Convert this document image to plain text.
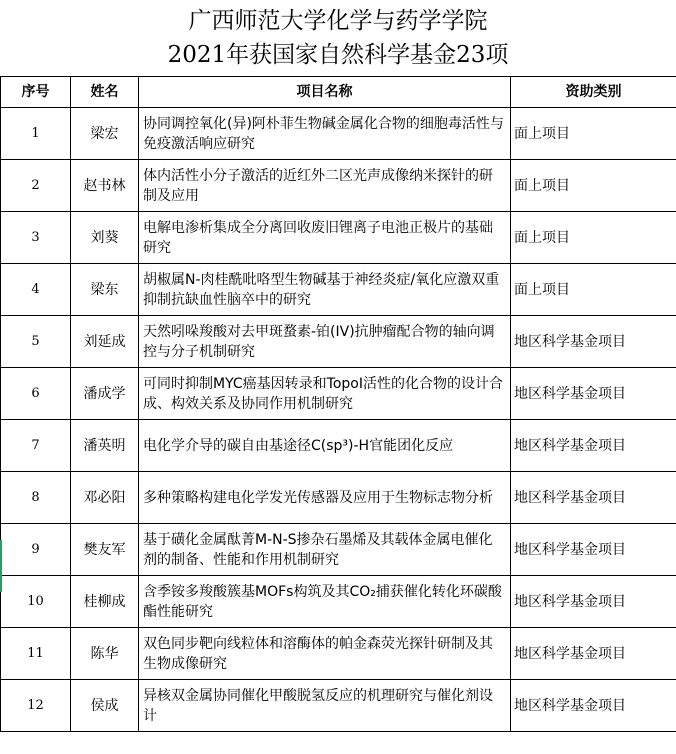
广西师范大学化学与药学学院
2021年获国家自然科学基金23项
序号	姓名	项目名称	资助类别
1	梁宏	协同调控氧化(异)阿朴菲生物碱金属化合物的细胞毒活性与免疫激活响应研究	面上项目
2	赵书林	体内活性小分子激活的近红外二区光声成像纳米探针的研制及应用	面上项目
3	刘葵	电解电渗析集成全分离回收废旧锂离子电池正极片的基础研究	面上项目
4	梁东	胡椒属N-肉桂酰吡咯型生物碱基于神经炎症/氧化应激双重抑制抗缺血性脑卒中的研究	面上项目
5	刘延成	天然吲哚羧酸对去甲斑蝥素-铂(IV)抗肿瘤配合物的轴向调控与分子机制研究	地区科学基金项目
6	潘成学	可同时抑制MYC癌基因转录和TopoI活性的化合物的设计合成、构效关系及协同作用机制研究	地区科学基金项目
7	潘英明	电化学介导的碳自由基途径C(sp³)-H官能团化反应	地区科学基金项目
8	邓必阳	多种策略构建电化学发光传感器及应用于生物标志物分析	地区科学基金项目
9	樊友军	基于磺化金属酞菁M-N-S掺杂石墨烯及其载体金属电催化剂的制备、性能和作用机制研究	地区科学基金项目
10	桂柳成	含季铵多羧酸簇基MOFs构筑及其CO₂捕获催化转化环碳酸酯性能研究	地区科学基金项目
11	陈华	双色同步靶向线粒体和溶酶体的帕金森荧光探针研制及其生物成像研究	地区科学基金项目
12	侯成	异核双金属协同催化甲酸脱氢反应的机理研究与催化剂设计	地区科学基金项目
